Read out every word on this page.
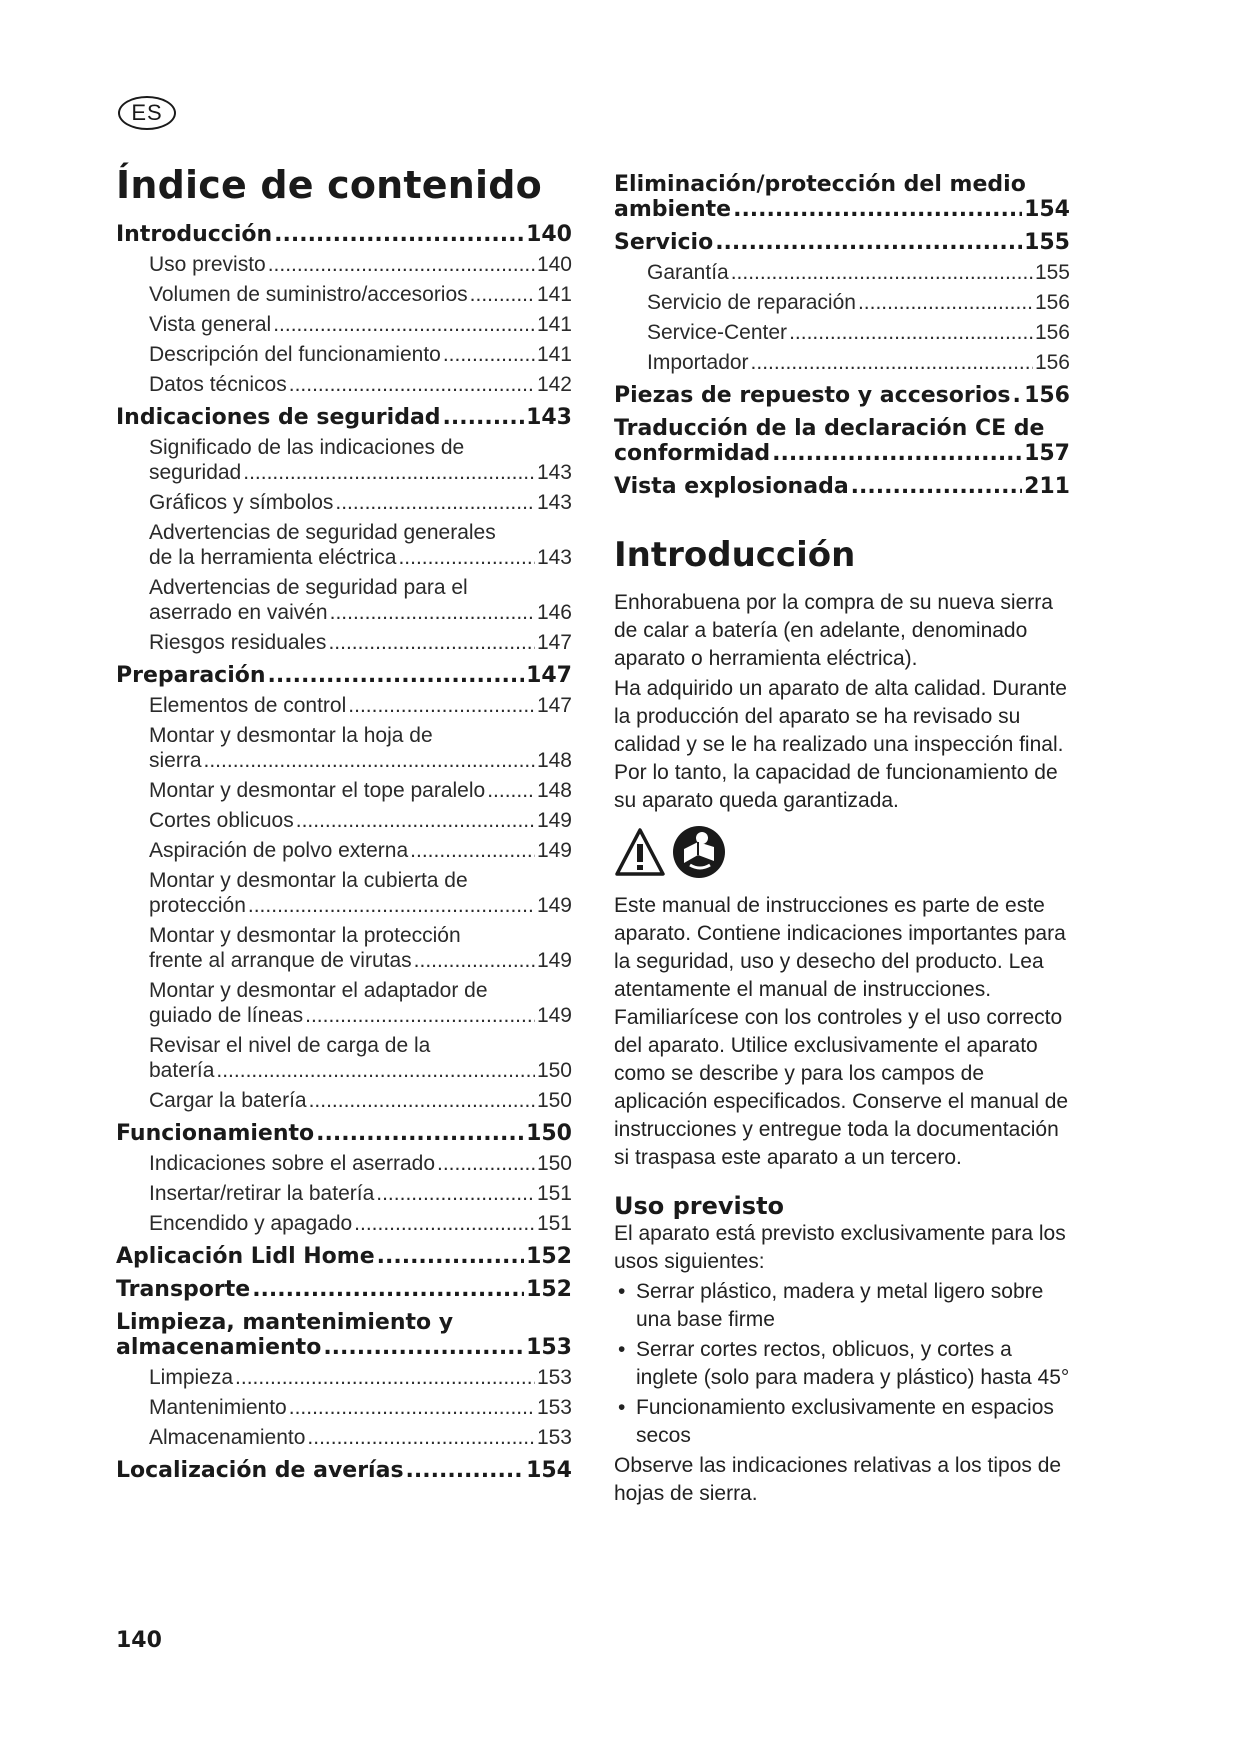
ES
Índice de contenido
Introducción .....	140
Uso previsto .....	140
Volumen de suministro/accesorios .....	141
Vista general .....	141
Descripción del funcionamiento .....	141
Datos técnicos .....	142
Indicaciones de seguridad .....	143
Significado de las indicaciones de
seguridad .....	143
Gráficos y símbolos .....	143
Advertencias de seguridad generales
de la herramienta eléctrica .....	143
Advertencias de seguridad para el
aserrado en vaivén .....	146
Riesgos residuales .....	147
Preparación .....	147
Elementos de control .....	147
Montar y desmontar la hoja de
sierra .....	148
Montar y desmontar el tope paralelo ..... 148
Cortes oblicuos .....	149
Aspiración de polvo externa .....	149
Montar y desmontar la cubierta de
protección .....	149
Montar y desmontar la protección
frente al arranque de virutas .....	149
Montar y desmontar el adaptador de
guiado de líneas .....	149
Revisar el nivel de carga de la
batería .....	150
Cargar la batería .....	150
Funcionamiento .....	150
Indicaciones sobre el aserrado .....	150
Insertar/retirar la batería .....	151
Encendido y apagado .....	151
Aplicación Lidl Home .....	152
Transporte .....	152
Limpieza, mantenimiento y
almacenamiento .....	153
Limpieza .....	153
Mantenimiento .....	153
Almacenamiento .....	153
Localización de averías .....	154
Eliminación/protección del medio
ambiente .....	154
Servicio .....	155
Garantía .....	155
Servicio de reparación .....	156
Service-Center .....	156
Importador .....	156
Piezas de repuesto y accesorios ..... 156
Traducción de la declaración CE de
conformidad .....	157
Vista explosionada .....	211
Introducción

Enhorabuena por la compra de su nueva sierra de calar a batería (en adelante, denominado aparato o herramienta eléctrica).

Ha adquirido un aparato de alta calidad. Durante la producción del aparato se ha revisado su calidad y se le ha realizado una inspección final. Por lo tanto, la capacidad de funcionamiento de su aparato queda garantizada.

Este manual de instrucciones es parte de este aparato. Contiene indicaciones importantes para la seguridad, uso y desecho del producto. Lea atentamente el manual de instrucciones. Familiarícese con los controles y el uso correcto del aparato. Utilice exclusivamente el aparato como se describe y para los campos de aplicación especificados. Conserve el manual de instrucciones y entregue toda la documentación si traspasa este aparato a un tercero.

Uso previsto

El aparato está previsto exclusivamente para los usos siguientes:

• Serrar plástico, madera y metal ligero sobre una base firme
• Serrar cortes rectos, oblicuos, y cortes a inglete (solo para madera y plástico) hasta 45°
• Funcionamiento exclusivamente en espacios secos

Observe las indicaciones relativas a los tipos de hojas de sierra.

140
